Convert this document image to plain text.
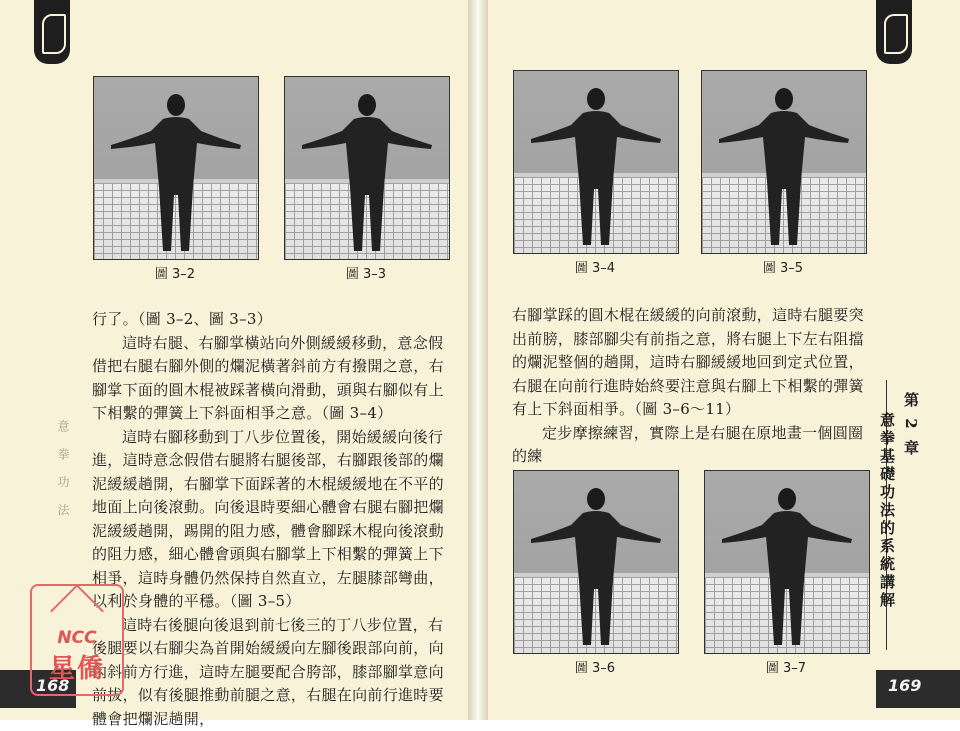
圖 3–2	圖 3–3

行了。（圖 3–2、圖 3–3）

這時右腿、右腳掌橫站向外側緩緩移動，意念假借把右腿右腳外側的爛泥橫著斜前方有撥開之意，右腳掌下面的圓木棍被踩著橫向滑動，頭與右腳似有上下相繫的彈簧上下斜面相爭之意。（圖 3–4）

這時右腳移動到丁八步位置後，開始緩緩向後行進，這時意念假借右腿將右腿後部，右腳跟後部的爛泥緩緩趟開，右腳掌下面踩著的木棍緩緩地在不平的地面上向後滾動。向後退時要細心體會右腿右腳把爛泥緩緩趟開，踢開的阻力感，體會腳踩木棍向後滾動的阻力感，細心體會頭與右腳掌上下相繫的彈簧上下相爭，這時身體仍然保持自然直立，左腿膝部彎曲，以利於身體的平穩。（圖 3–5）

這時右後腿向後退到前七後三的丁八步位置，右後腿要以右腳尖為首開始緩緩向左腳後跟部向前，向內斜前方行進，這時左腿要配合胯部，膝部腳掌意向前拔，似有後腿推動前腿之意，右腿在向前行進時要體會把爛泥趟開，

意 拳 功 法
168
圖 3–4	圖 3–5

右腳掌踩的圓木棍在緩緩的向前滾動，這時右腿要突出前膀，膝部腳尖有前指之意，將右腿上下左右阻擋的爛泥整個的趟開，這時右腳緩緩地回到定式位置，右腿在向前行進時始終要注意與右腳上下相繫的彈簧有上下斜面相爭。（圖 3–6～11）

定步摩擦練習，實際上是右腿在原地畫一個圓圈的練

圖 3–6	圖 3–7
第 2 章
意拳基礎功法的系統講解
169
NCC
星僑
